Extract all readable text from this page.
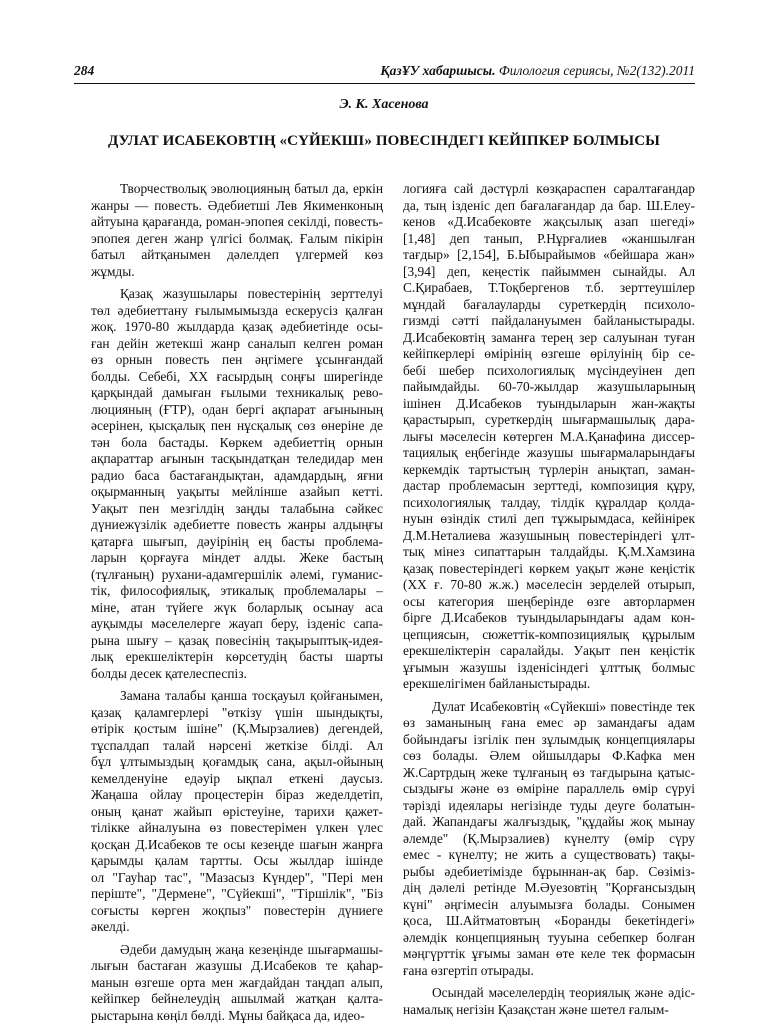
284	ҚазҰУ хабаршысы. Филология сериясы, №2(132).2011
Э. К. Хасенова
ДУЛАТ ИСАБЕКОВТІҢ «СҮЙЕКШІ» ПОВЕСІНДЕГІ КЕЙІПКЕР БОЛМЫСЫ
Творчестволық эволюцияның батыл да, еркін
жанры — повесть. Әдебиетші Лев Якименконың
айтуына қарағанда, роман-эпопея секілді, повесть-
эпопея деген жанр үлгісі болмақ. Ғалым пікірін
батыл айтқанымен дәлелдеп үлгермей көз
жұмды.
Қазақ жазушылары повестерінің зерттелуі
төл әдебиеттану ғылымымызда ескерусіз қалған
жоқ. 1970-80 жылдарда қазақ әдебиетінде осы-
ған дейін жетекші жанр саналып келген роман
өз орнын повесть пен әңгімеге ұсынғандай
болды. Себебі, ХХ ғасырдың соңғы ширегінде
қарқындай дамыған ғылыми техникалық рево-
люцияның (ҒТР), одан бергі ақпарат ағынының
әсерінен, қысқалық пен нұсқалық сөз өнеріне де
тән бола бастады. Көркем әдебиеттің орнын
ақпараттар ағынын тасқындатқан теледидар мен
радио баса бастағандықтан, адамдардың, яғни
оқырманның уақыты мейлінше азайып кетті.
Уақыт пен мезгілдің заңды талабына сәйкес
дүниежүзілік әдебиетте повесть жанры алдыңғы
қатарға шығып, дәуірінің ең басты проблема-
ларын қорғауға міндет алды. Жеке бастың
(тұлғаның) рухани-адамгершілік әлемі, гуманис-
тік, философиялық, этикалық проблемалары –
міне, атан түйеге жүк боларлық осынау аса
ауқымды мәселелерге жауап беру, ізденіс сапа-
рына шығу – қазақ повесінің тақырыптық-идея-
лық ерекшеліктерін көрсетудің басты шарты
болды десек қателеспеспіз.
Замана талабы қанша тосқауыл қойғанымен,
қазақ қаламгерлері "өткізу үшін шындықты,
өтірік қостым ішіне" (Қ.Мырзалиев) дегендей,
тұспалдап талай нәрсені жеткізе білді. Ал
бұл ұлтымыздың қоғамдық сана, ақыл-ойының
кемелденуіне едәуір ықпал еткені даусыз.
Жаңаша ойлау процестерін біраз жеделдетіп,
оның қанат жайып өрістеуіне, тарихи қажет-
тілікке айналуына өз повестерімен үлкен үлес
қосқан Д.Исабеков те осы кезеңде шағын жанрға
қарымды қалам тартты. Осы жылдар ішінде
ол "Гауһар тас", "Мазасыз Күндер", "Пері мен
періште", "Дермене", "Сүйекші", "Тіршілік", "Біз
соғысты көрген жоқпыз" повестерін дүниеге
әкелді.
Әдеби дамудың жаңа кезеңінде шығармашы-
лығын бастаған жазушы Д.Исабеков те қаһар-
манын өзгеше орта мен жағдайдан таңдап алып,
кейіпкер бейнелеудің ашылмай жатқан қалта-
рыстарына көңіл бөлді. Мұны байқаса да, идео-
логияға сай дәстүрлі көзқараспен саралтағандар
да, тың ізденіс деп бағалағандар да бар. Ш.Елеу-
кенов «Д.Исабековте жақсылық азап шегеді»
[1,48] деп танып, Р.Нұрғалиев «жаншылған
тағдыр» [2,154], Б.Ыбырайымов «бейшара жан»
[3,94] деп, кеңестік пайыммен сынайды. Ал
С.Қирабаев, Т.Тоқбергенов т.б. зерттеушілер
мұндай бағалауларды суреткердің психоло-
гизмді сәтті пайдалануымен байланыстырады.
Д.Исабековтің заманға терең зер салуынан туған
кейіпкерлері өмірінің өзгеше өрілуінің бір се-
бебі шебер психологиялық мүсіндеуінен деп
пайымдайды. 60-70-жылдар жазушыларының
ішінен Д.Исабеков туындыларын жан-жақты
қарастырып, суреткердің шығармашылық дара-
лығы мәселесін көтерген М.А.Қанафина диссер-
тациялық еңбегінде жазушы шығармаларындағы
керкемдік тартыстың түрлерін анықтап, заман-
дастар проблемасын зерттеді, композиция құру,
психологиялық талдау, тілдік құралдар қолда-
нуын өзіндік стилі деп тұжырымдаса, кейінірек
Д.М.Неталиева жазушының повестеріндегі ұлт-
тық мінез сипаттарын талдайды. Қ.М.Хамзина
қазақ повестеріндегі көркем уақыт және кеңістік
(ХХ ғ. 70-80 ж.ж.) мәселесін зерделей отырып,
осы категория шеңберінде өзге авторлармен
бірге Д.Исабеков туындыларындағы адам кон-
цепциясын, сюжеттік-композициялық құрылым
ерекшеліктерін саралайды. Уақыт пен кеңістік
ұғымын жазушы ізденісіндегі ұлттық болмыс
ерекшелігімен байланыстырады.
Дулат Исабековтің «Сүйекші» повестінде тек
өз заманының ғана емес әр замандағы адам
бойындағы ізгілік пен зұлымдық концепциялары
сөз болады. Әлем ойшылдары Ф.Кафка мен
Ж.Сартрдың жеке тұлғаның өз тағдырына қатыс-
сыздығы және өз өміріне параллель өмір сүруі
тәрізді идеялары негізінде туды деуге болатын-
дай. Жапандағы жалғыздық, "құдайы жоқ мынау
әлемде" (Қ.Мырзалиев) күнелту (өмір сүру
емес - күнелту; не жить а существовать) тақы-
рыбы әдебиетімізде бұрыннан-ақ бар. Сөзіміз-
дің дәлелі ретінде М.Әуезовтің "Қорғансыздың
күні" әңгімесін алуымызға болады. Сонымен
қоса, Ш.Айтматовтың «Боранды бекетіндегі»
әлемдік концепцияның тууына себепкер болған
мәңгүрттік ұғымы заман өте келе тек формасын
ғана өзгертіп отырады.
Осындай мәселелердің теориялық және әдіс-
намалық негізін Қазақстан және шетел ғалым-
